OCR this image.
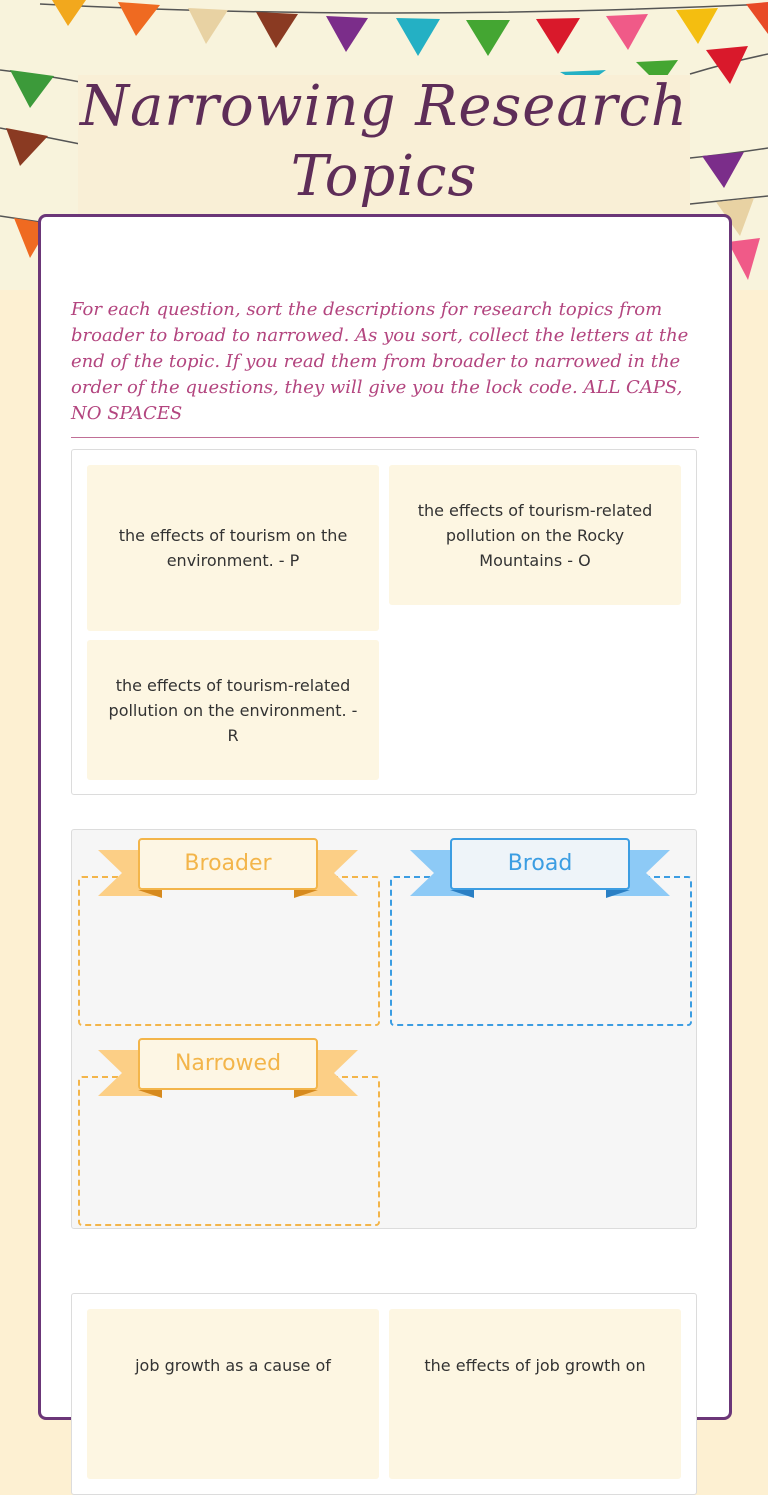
Narrowing Research Topics

For each question, sort the descriptions for research topics from broader to broad to narrowed. As you sort, collect the letters at the end of the topic. If you read them from broader to narrowed in the order of the questions, they will give you the lock code. ALL CAPS, NO SPACES

the effects of tourism on the environment. - P
the effects of tourism-related pollution on the Rocky Mountains - O
the effects of tourism-related pollution on the environment. - R
Broader	Broad
Narrowed
job growth as a cause of	the effects of job growth on
